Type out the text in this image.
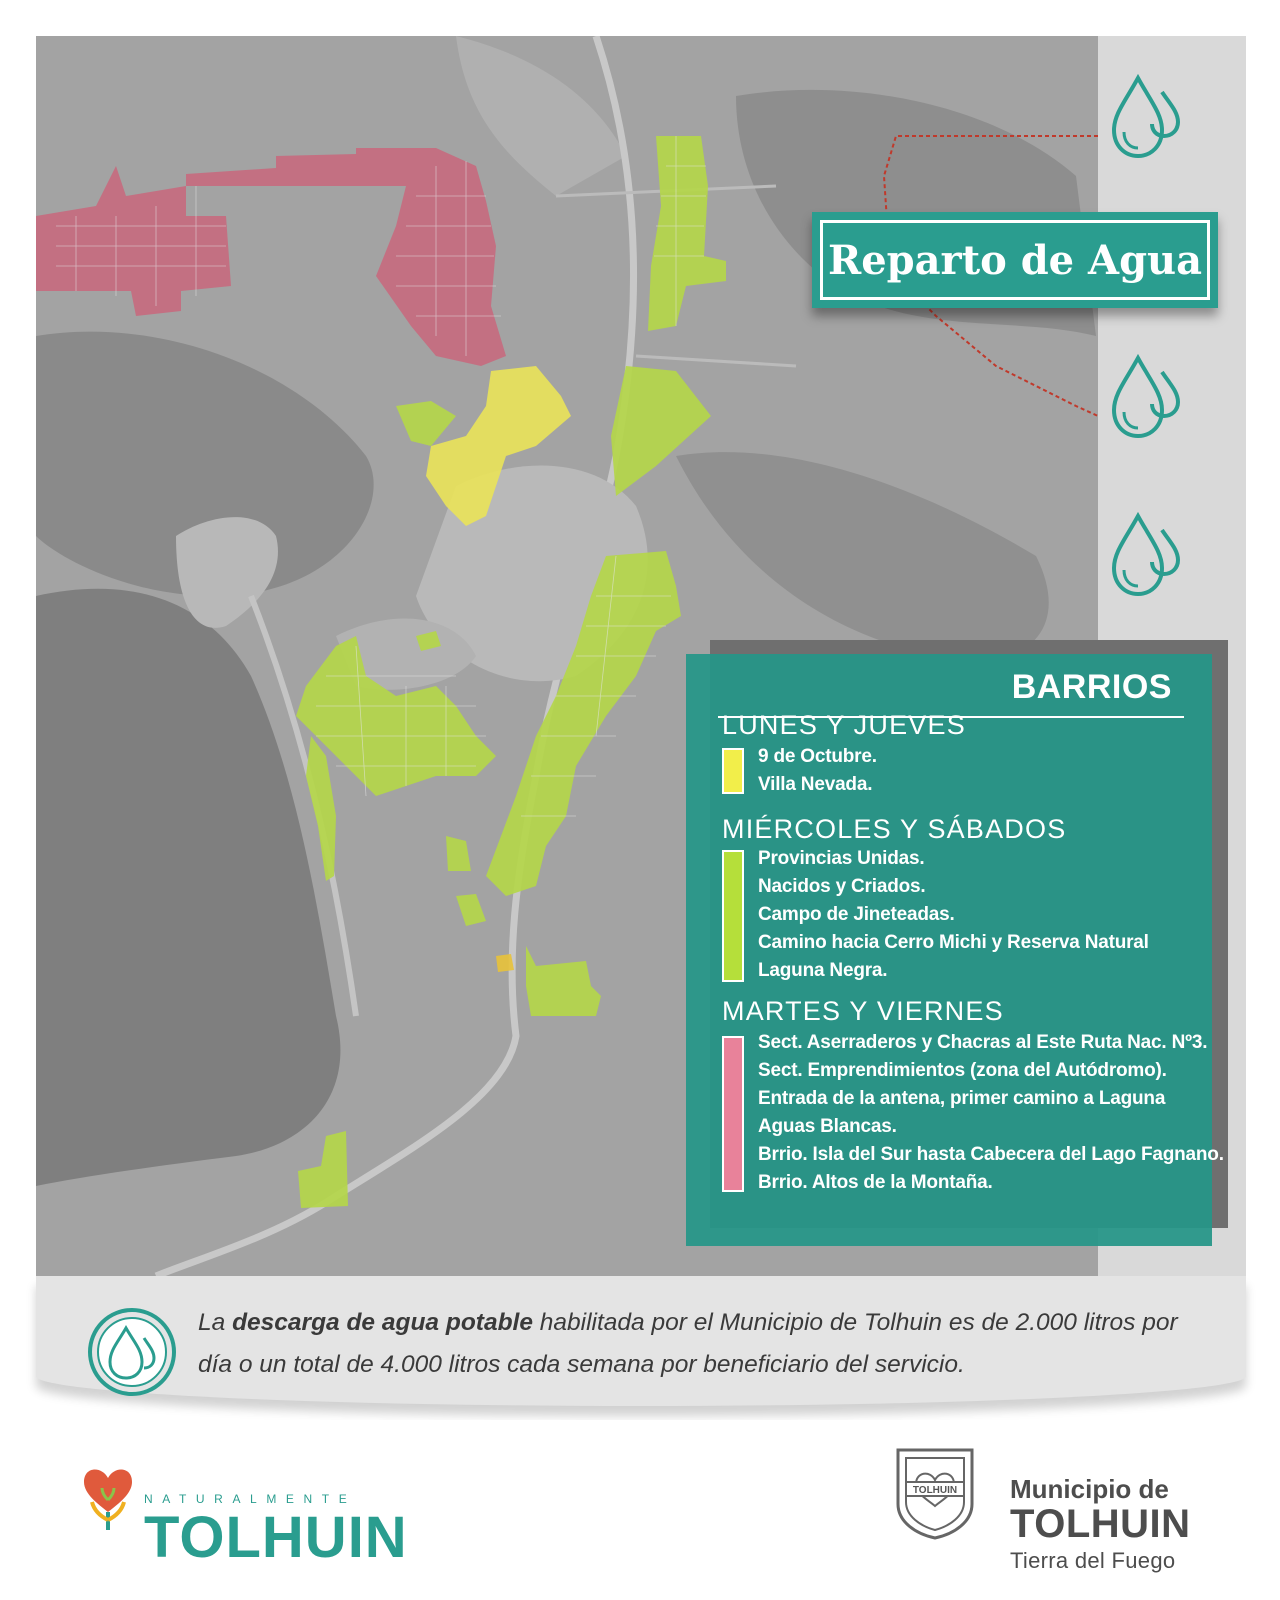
Reparto de Agua
BARRIOS
LUNES Y JUEVES
9 de Octubre.
Villa Nevada.
MIÉRCOLES Y SÁBADOS
Provincias Unidas.
Nacidos y Criados.
Campo de Jineteadas.
Camino hacia Cerro Michi y Reserva Natural
Laguna Negra.
MARTES Y VIERNES
Sect. Aserraderos y Chacras al Este Ruta Nac. Nº3.
Sect. Emprendimientos (zona del Autódromo).
Entrada de la antena, primer camino a Laguna
Aguas Blancas.
Brrio. Isla del Sur hasta Cabecera del Lago Fagnano.
Brrio. Altos de la Montaña.
La descarga de agua potable habilitada por el Municipio de Tolhuin es de 2.000 litros por día o un total de 4.000 litros cada semana por beneficiario del servicio.
NATURALMENTE
TOLHUIN
TOLHUIN Municipio de
TOLHUIN
Tierra del Fuego
